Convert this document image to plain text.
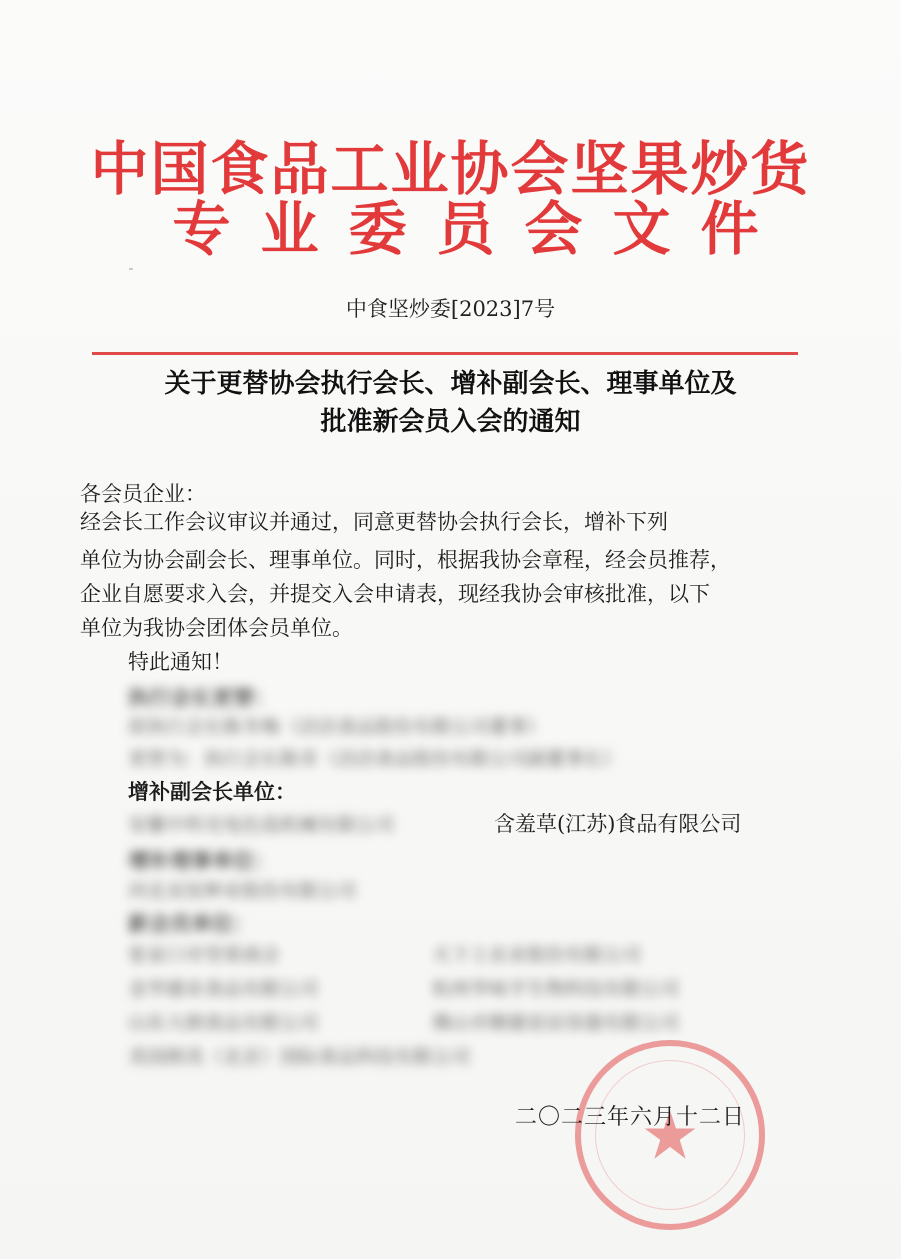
中国食品工业协会坚果炒货
专业委员会文件
中食坚炒委[2023]7号
关于更替协会执行会长、增补副会长、理事单位及
批准新会员入会的通知
各会员企业：
经会长工作会议审议并通过，同意更替协会执行会长，增补下列
单位为协会副会长、理事单位。同时，根据我协会章程，经会员推荐，
企业自愿要求入会，并提交入会申请表，现经我协会审核批准，以下
单位为我协会团体会员单位。
特此通知！
执行会长更替：
原执行会长陈冬梅（洽洽食品股份有限公司董事）
更替为：执行会长陈奇（洽洽食品股份有限公司副董事长）
增补副会长单位：
安徽中科光电色选机械有限公司	含羞草(江苏)食品有限公司
增补理事单位：
河北双星种业股份有限公司
新会员单位：
张家口市坚果商会	天下土农业股份有限公司
金华德业食品有限公司	杭州华味亨生物科技有限公司
山东大朗食品有限公司	佛山市顺德星辰容器有限公司
美国朗美（北京）国际食品科技有限公司
二〇二三年六月十二日
